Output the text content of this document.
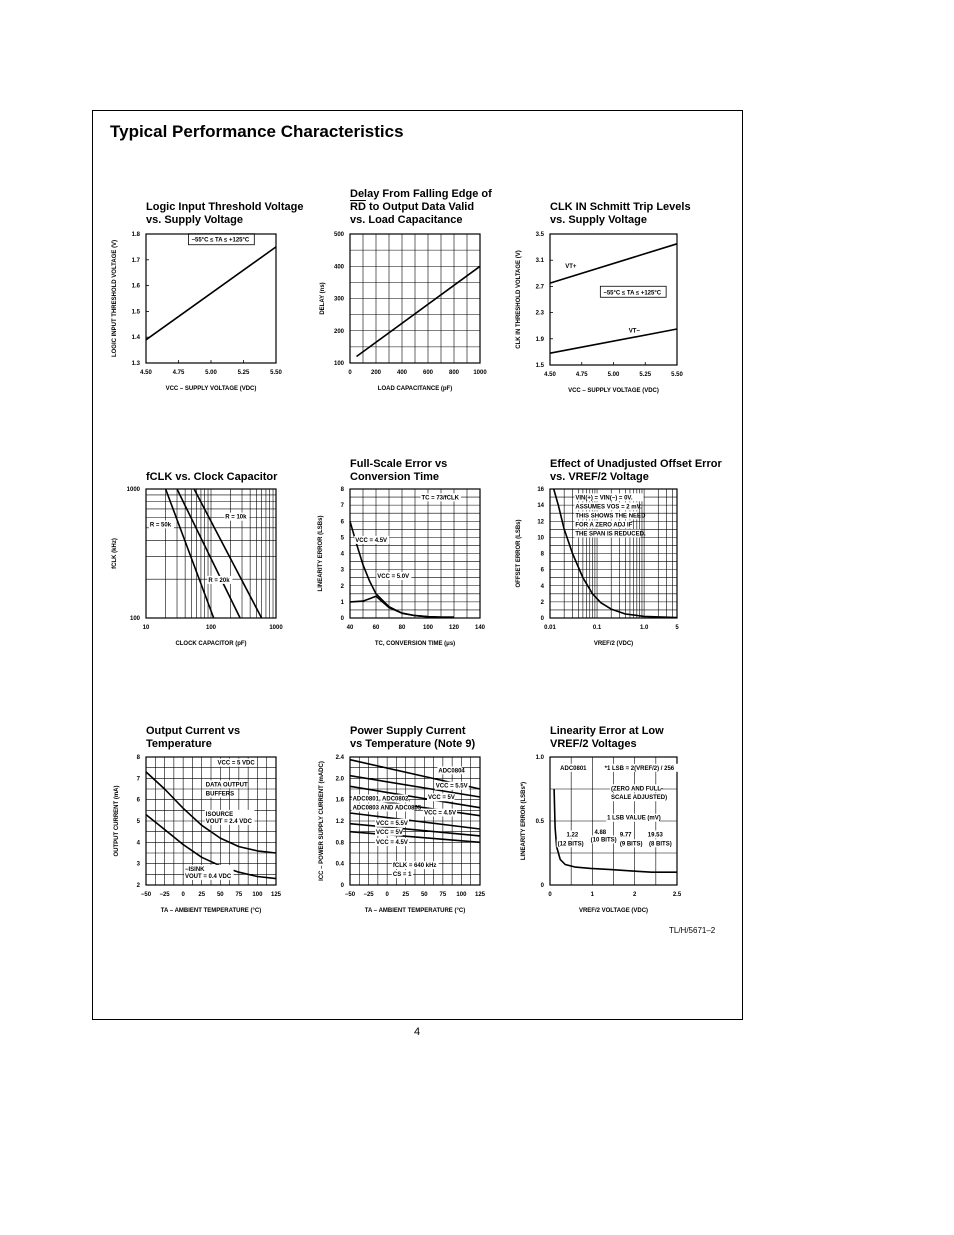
Typical Performance Characteristics
Logic Input Threshold Voltage
vs. Supply Voltage
Delay From Falling Edge of
$\overline{RD}$ to Output Data Valid
vs. Load Capacitance
CLK IN Schmitt Trip Levels
vs. Supply Voltage
fCLK vs. Clock Capacitor
Full-Scale Error vs
Conversion Time
Effect of Unadjusted Offset Error
vs. VREF/2 Voltage
Output Current vs
Temperature
Power Supply Current
vs Temperature (Note 9)
Linearity Error at Low
VREF/2 Voltages
4.50	4.75	5.00	5.25	5.50
1.3
1.4
1.5
1.6
1.7
1.8
VCC – SUPPLY VOLTAGE (VDC)
LOGIC INPUT THRESHOLD VOLTAGE (V)	−55°C ≤ TA ≤ +125°C
0	200	400	600	800 1000
100
200
300
400
500
LOAD CAPACITANCE (pF)
DELAY (ns)
4.50	4.75	5.00	5.25	5.50
1.5
1.9
2.3
2.7
3.1
3.5
VCC – SUPPLY VOLTAGE (VDC)
CLK IN THRESHOLD VOLTAGE (V)	VT+
VT−
−55°C ≤ TA ≤ +125°C
10	100	1000
100
1000
CLOCK CAPACITOR (pF)
fCLK (kHz)
R = 50k
R = 20k
R = 10k
40	60	80	100	120	140
0
1
2
3
4
5
6
7
8
TC, CONVERSION TIME (μs)
LINEARITY ERROR (LSBs)	VCC = 4.5V
VCC = 5.0V
TC = 73/fCLK
0.01	0.1	1.0	5
0
2
4
6
8
10
12
14
16
VREF/2 (VDC)
OFFSET ERROR (LSBs)
VIN(+) = VIN(−) = 0V.
ASSUMES VOS = 2 mV.
THIS SHOWS THE NEED
FOR A ZERO ADJ IF
THE SPAN IS REDUCED.
−50 −25 0 25 50 75 100 125
2
3
4
5
6
7
8
TA – AMBIENT TEMPERATURE (°C)
OUTPUT CURRENT (mA)	ISOURCE
VOUT = 2.4 VDC
−ISINK
VOUT = 0.4 VDC
VCC = 5 VDC
DATA OUTPUT
BUFFERS
−50 −25 0 25 50 75 100 125
0
0.4
0.8
1.2
1.6
2.0
2.4
TA – AMBIENT TEMPERATURE (°C)
ICC – POWER SUPPLY CURRENT (mADC)	ADC0804
VCC = 5.5V
VCC = 5V
ADC0801, ADC0802,
ADC0803 AND ADC0805
VCC = 4.5V
VCC = 5.5V
VCC = 5V
VCC = 4.5V
fCLK = 640 kHz
CS = 1
0	1	2	2.5
0
0.5
1.0
VREF/2 VOLTAGE (VDC)
LINEARITY ERROR (LSBs*)
ADC0801	*1 LSB = 2(VREF/2) / 256
(ZERO AND FULL-
SCALE ADJUSTED)
1 LSB VALUE (mV)
1.22
(12 BITS)
4.88
(10 BITS)
9.77
(9 BITS)
19.53
(8 BITS)
TL/H/5671–2
4
